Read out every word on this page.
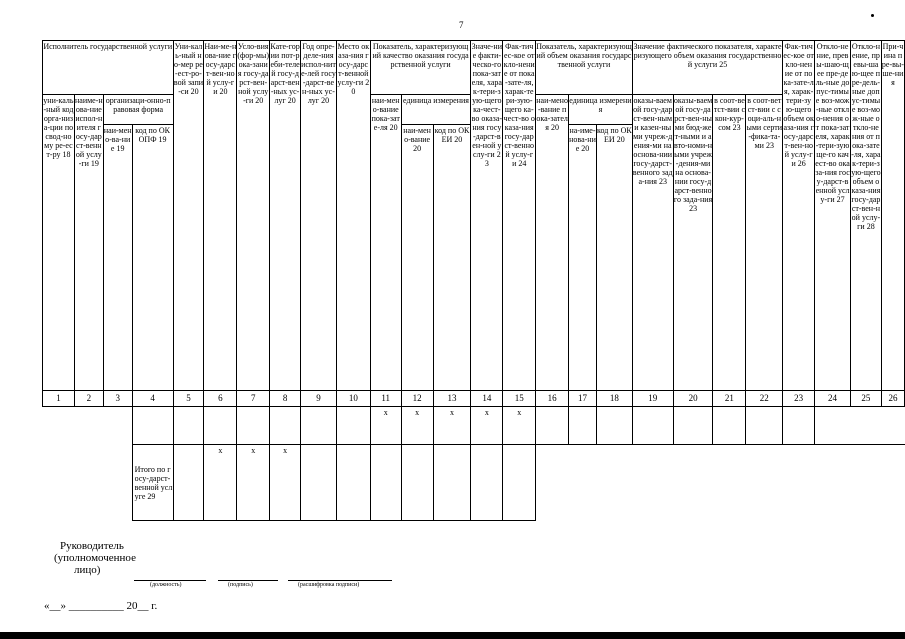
7
Исполнитель государственной услуги				Уни-каль-ный но-мер ре-ест-ро-вой запи-си 20	Наи-ме-нова-ние госу-дарст-вен-ной услу-ги 20	Усло-вия (фор-мы) ока-зания госу-дарст-вен-ной услу-ги 20	Кате-гории пот-реби-телей госу-дарст-вен-ных ус-луг 20	Год опре-деле-ния испол-ните-лей госу-дарст-вен-ных ус-луг 20	Место оказа-ния госу-дарст-венной услу-ги 20	Показатель, характеризующий качество оказания государственной услуги			Значе-ние факти-ческо-го пока-зателя, харак-тери-зую-щего ка-чест-во оказа-ния госу-дарст-вен-ной услу-ги 23	Фак-тичес-кое откло-нение от пока-зате-ля, харак-тери-зую-щего ка-чест-во оказа-ния госу-дарст-венной услу-ги 24	Показатель, характеризующий объем оказания государственной услуги			Значение фактического показателя, характеризующего объем оказания государственной услуги 25				Фак-тичес-кое откло-нение от пока-зате-ля, харак-тери-зую-щего объем оказа-ния госу-дарст-вен-ной услу-ги 26	Откло-нение, превы-шаю-щее пре-дель-ные допус-тимые воз-мож-ные откло-нения от пока-зателя, харак-тери-зующе-го качест-во оказа-ния госу-дарст-венной услу-ги 27	Откло-нение, превы-шаю-щее пре-дель-ные допус-тимые воз-мож-ные откло-нения от пока-зате-ля, харак-тери-зую-щего объем оказа-ния госу-дарст-вен-ной услу-ги 28	При-чина пре-вы-ше-ния
уни-каль-ный код орга-низа-ции по свод-ному ре-ест-ру 18	наиме-нова-ние испол-нителя госу-дарст-венной услу-ги 19	организаци-онно-правовая форма								наи-мено-вание пока-зате-ля 20	единица измерения				наи-мено-вание пока-зателя 20	единица измерения		оказы-ваемой госу-дарст-вен-ными казен-ными учреж-дения-ми на основа-нии госу-дарст-венного зада-ния 23	оказы-ваемой госу-дарст-вен-ными бюд-жет-ными и авто-номи-ными учреж-дения-ми на основа-нии госу-дарст-венного зада-ния 23	в соот-ветст-вии с кон-кур-сом 23	в соот-ветст-вии с соци-аль-ными серти-фика-та-ми 23				
		наи-мено-ва-ние 19	код по ОКОПФ 19								наи-мено-вание 20	код по ОКЕИ 20				на-име-нова-ние 20	код по ОКЕИ 20								
1	2	3	4	5	6	7	8	9	10	11	12	13	14	15	16	17	18	19	20	21	22	23	24	25	26
										x	x	x	x	x											
			Итого по госу-дарст-венной услуге 29		x	x	x																		
Руководитель
(уполномоченное
лицо)
(должность)	(подпись)	(расшифровка подписи)
«__» __________ 20__ г.
